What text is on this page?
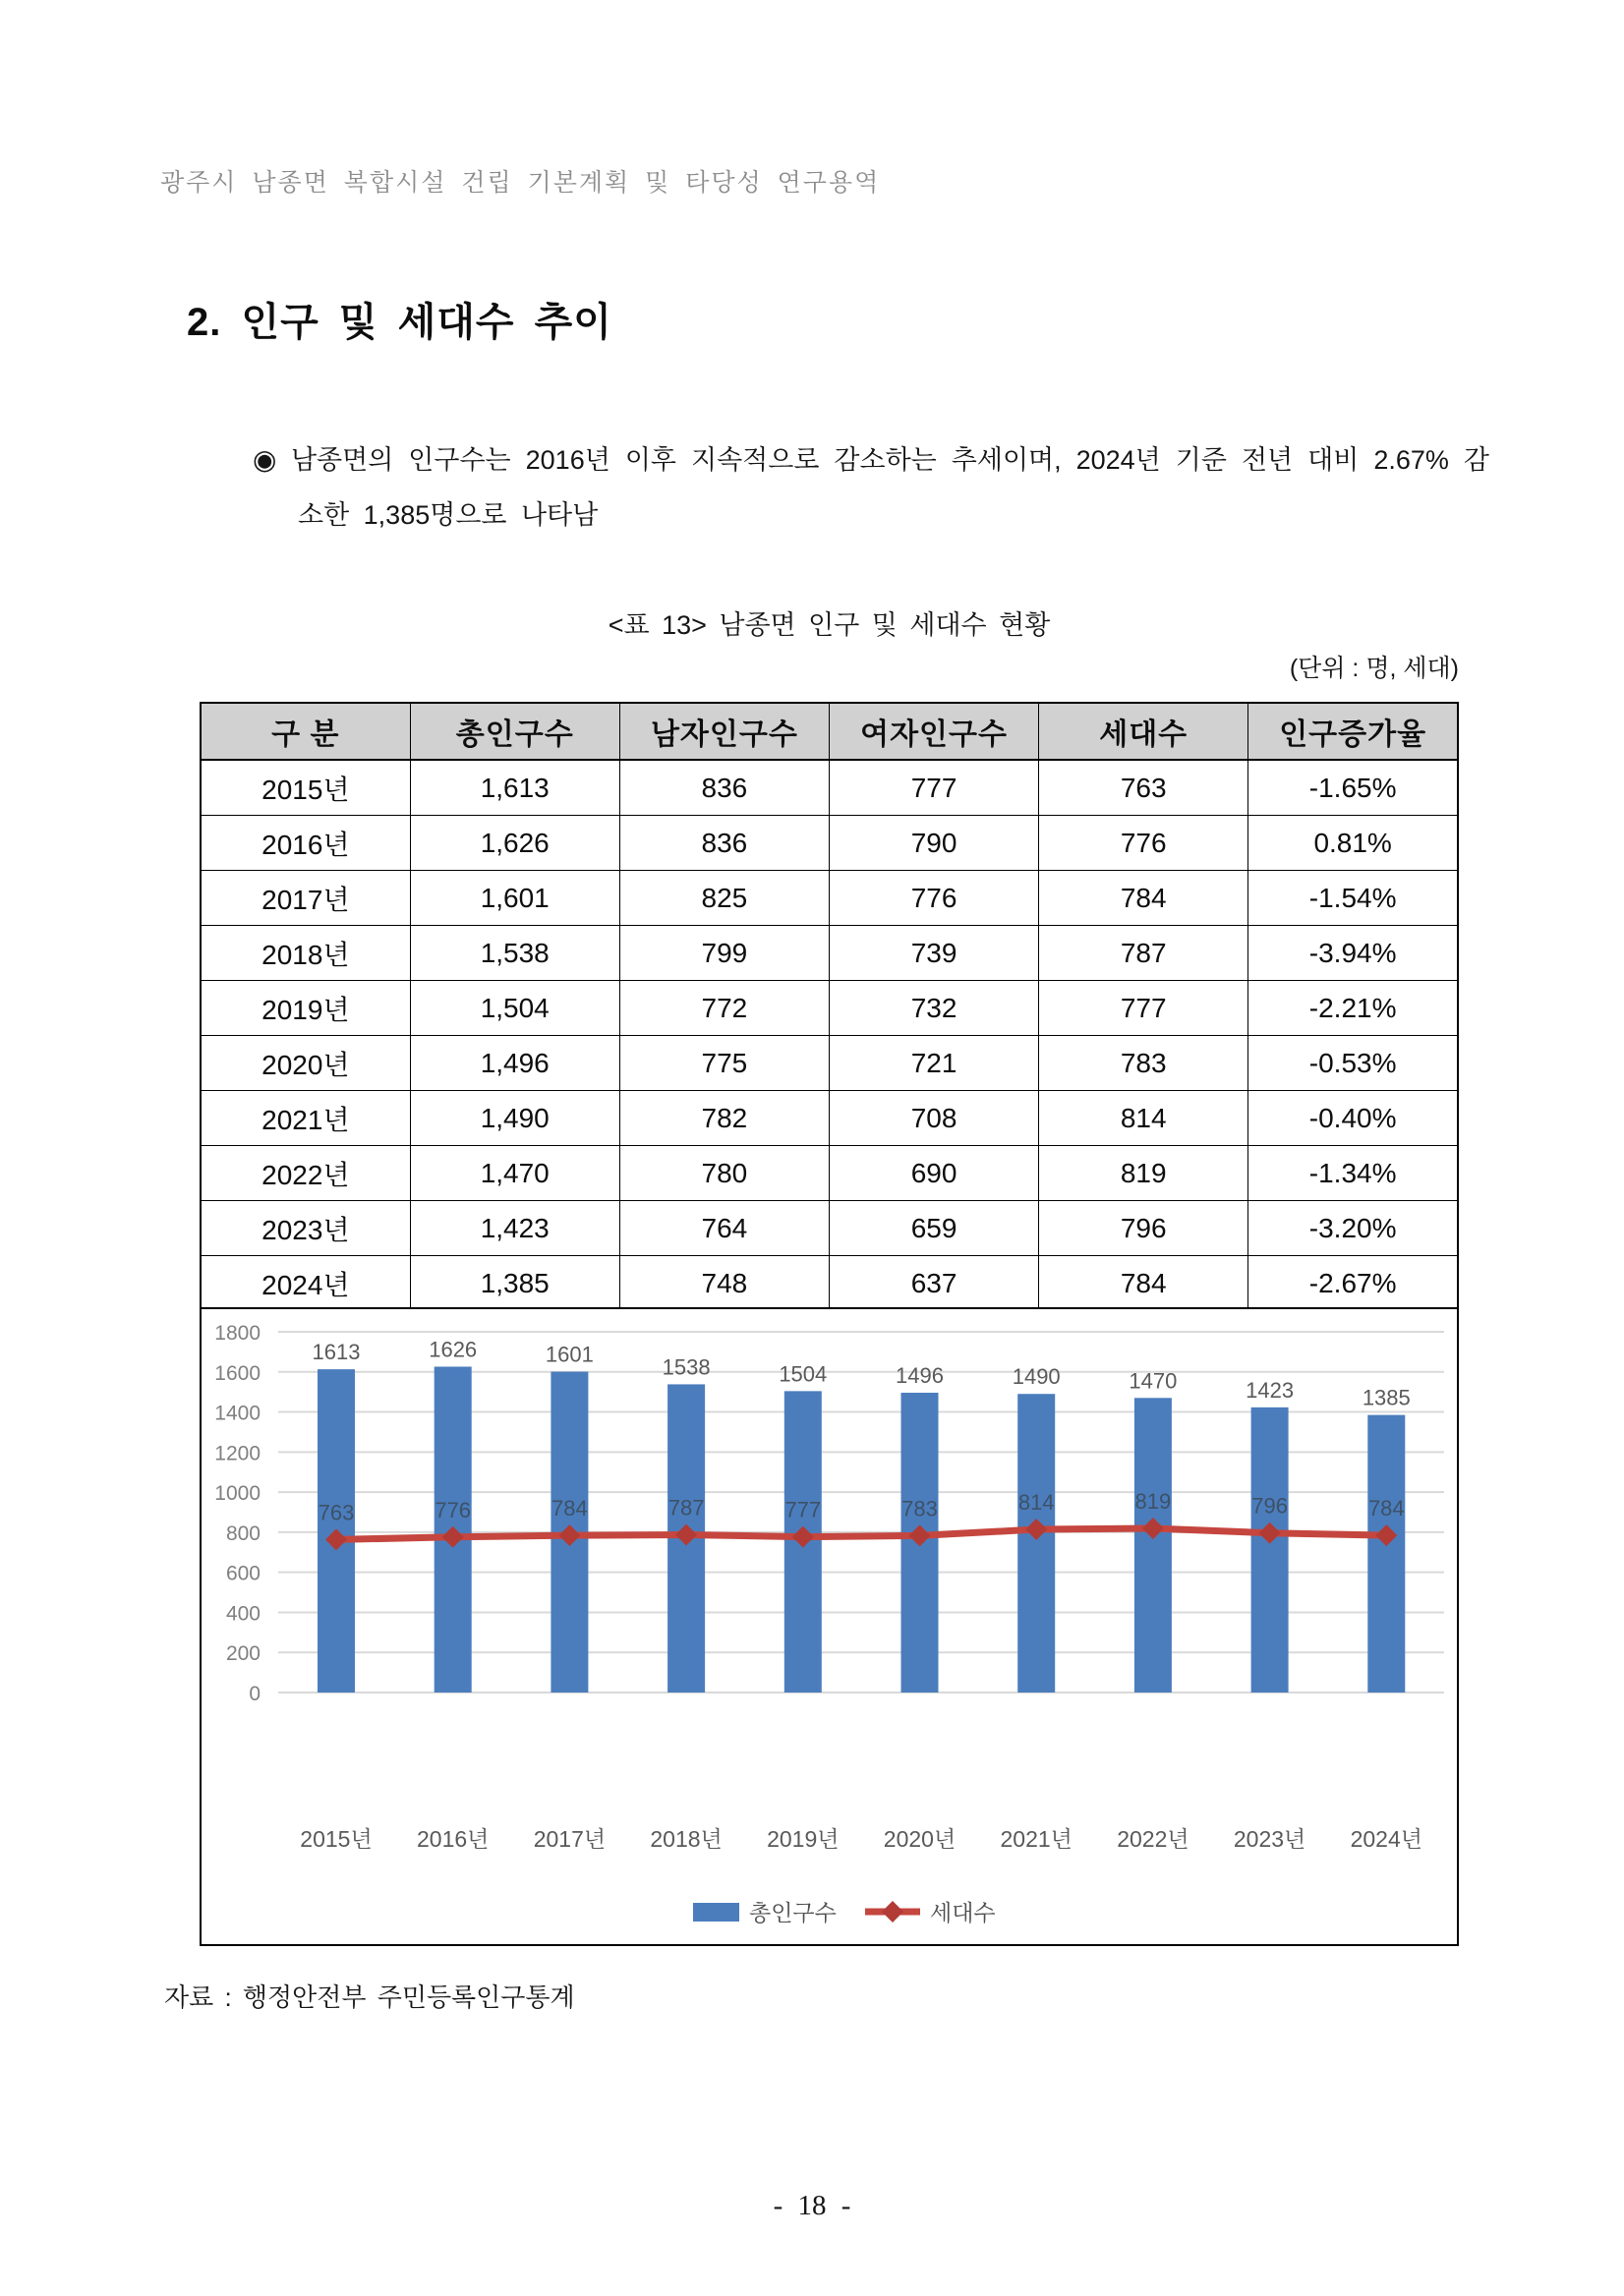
광주시 남종면 복합시설 건립 기본계획 및 타당성 연구용역
2. 인구 및 세대수 추이
◉ 남종면의 인구수는 2016년 이후 지속적으로 감소하는 추세이며, 2024년 기준 전년 대비 2.67% 감소한 1,385명으로 나타남
<표 13> 남종면 인구 및 세대수 현황
(단위 : 명, 세대)
구 분	총인구수	남자인구수	여자인구수	세대수	인구증가율
2015년	1,613	836	777	763	-1.65%
2016년	1,626	836	790	776	0.81%
2017년	1,601	825	776	784	-1.54%
2018년	1,538	799	739	787	-3.94%
2019년	1,504	772	732	777	-2.21%
2020년	1,496	775	721	783	-0.53%
2021년	1,490	782	708	814	-0.40%
2022년	1,470	780	690	819	-1.34%
2023년	1,423	764	659	796	-3.20%
2024년	1,385	748	637	784	-2.67%
0
200
400
600
800
1000
1200
1400
1600
1800
1613	1626	1601
1538	1504	1496	1490	1470	1423	1385
763	776	784	787	777	783	814	819	796	784
2015년 2016년 2017년 2018년 2019년 2020년 2021년 2022년 2023년 2024년
총인구수	세대수
자료 : 행정안전부 주민등록인구통계
- 18 -
